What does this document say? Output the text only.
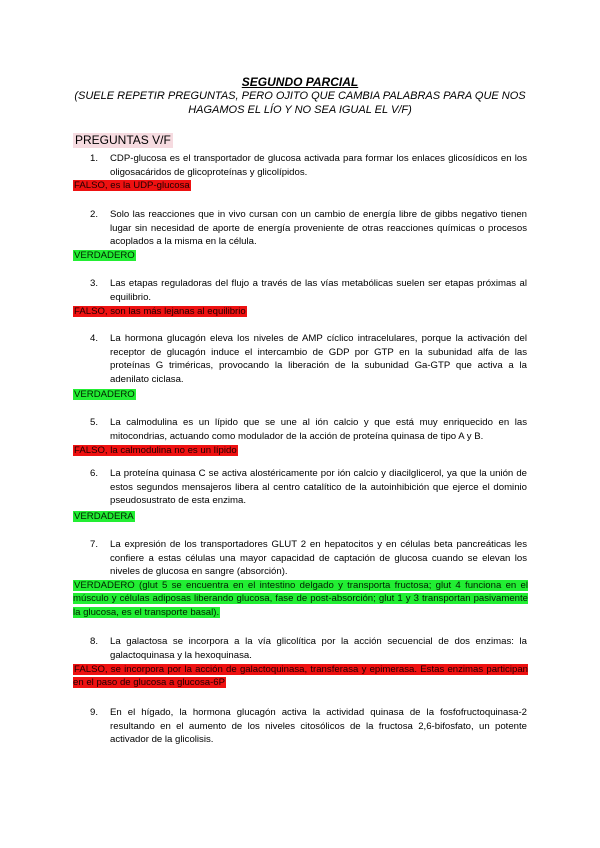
SEGUNDO PARCIAL
(SUELE REPETIR PREGUNTAS, PERO OJITO QUE CAMBIA PALABRAS PARA QUE NOS HAGAMOS EL LÍO Y NO SEA IGUAL EL V/F)
PREGUNTAS V/F
1.	CDP-glucosa es el transportador de glucosa activada para formar los enlaces glicosídicos en los oligosacáridos de glicoproteínas y glicolípidos.
FALSO, es la UDP-glucosa
2.	Solo las reacciones que in vivo cursan con un cambio de energía libre de gibbs negativo tienen lugar sin necesidad de aporte de energía proveniente de otras reacciones químicas o procesos acoplados a la misma en la célula.
VERDADERO
3.	Las etapas reguladoras del flujo a través de las vías metabólicas suelen ser etapas próximas al equilibrio.
FALSO, son las más lejanas al equilibrio
4.	La hormona glucagón eleva los niveles de AMP cíclico intracelulares, porque la activación del receptor de glucagón induce el intercambio de GDP por GTP en la subunidad alfa de las proteínas G triméricas, provocando la liberación de la subunidad Ga-GTP que activa a la adenilato ciclasa.
VERDADERO
5.	La calmodulina es un lípido que se une al ión calcio y que está muy enriquecido en las mitocondrias, actuando como modulador de la acción de proteína quinasa de tipo A y B.
FALSO, la calmodulina no es un lípido
6.	La proteína quinasa C se activa alostéricamente por ión calcio y diacilglicerol, ya que la unión de estos segundos mensajeros libera al centro catalítico de la autoinhibición que ejerce el dominio pseudosustrato de esta enzima.
VERDADERA
7.	La expresión de los transportadores GLUT 2 en hepatocitos y en células beta pancreáticas les confiere a estas células una mayor capacidad de captación de glucosa cuando se elevan los niveles de glucosa en sangre (absorción).
VERDADERO (glut 5 se encuentra en el intestino delgado y transporta fructosa; glut 4 funciona en el músculo y células adiposas liberando glucosa, fase de post-absorción; glut 1 y 3 transportan pasivamente la glucosa, es el transporte basal).
8.	La galactosa se incorpora a la vía glicolítica por la acción secuencial de dos enzimas: la galactoquinasa y la hexoquinasa.
FALSO, se incorpora por la acción de galactoquinasa, transferasa y epimerasa. Estas enzimas participan en el paso de glucosa a glucosa-6P
9.	En el hígado, la hormona glucagón activa la actividad quinasa de la fosfofructoquinasa-2 resultando en el aumento de los niveles citosólicos de la fructosa 2,6-bifosfato, un potente activador de la glicolisis.
